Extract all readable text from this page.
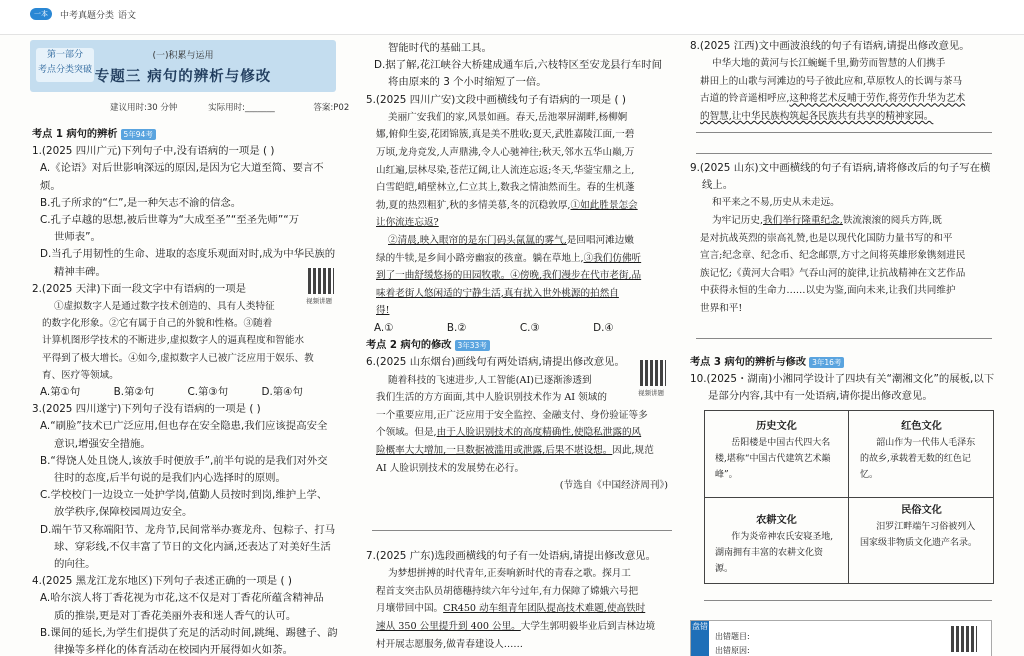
一本	中考真题分类 语文
第一部分
考点分类突破
(一)积累与运用
专题三 病句的辨析与修改
建议用时:30 分钟	实际用时:_______	答案:P02

考点 1 病句的辨析 5年94考

1.(2025 四川广元)下列句子中,没有语病的一项是 ( )

A.《论语》对后世影响深远的原因,是因为它大道至简、要言不烦。

B.孔子所求的“仁”,是一种矢志不渝的信念。

C.孔子卓越的思想,被后世尊为“大成至圣”“至圣先师”“万

世师表”。

D.当孔子用韧性的生命、进取的态度乐观面对时,成为中华民族的

精神丰碑。

2.(2025 天津)下面一段文字中有语病的一项是

①虚拟数字人是通过数字技术创造的、具有人类特征

的数字化形象。②它有属于自己的外貌和性格。③随着

计算机图形学技术的不断进步,虚拟数字人的逼真程度和智能水

平得到了极大增长。④如今,虚拟数字人已被广泛应用于娱乐、教

育、医疗等领域。

A.第①句	B.第②句	C.第③句	D.第④句

3.(2025 四川遂宁)下列句子没有语病的一项是 ( )

A.“刷脸”技术已广泛应用,但也存在安全隐患,我们应该提高安全

意识,增强安全措施。

B.“得饶人处且饶人,该放手时便放手”,前半句说的是我们对外交

往时的态度,后半句说的是我们内心选择时的原则。

C.学校校门一边设立一处护学岗,值勤人员按时到岗,维护上学、

放学秩序,保障校园周边安全。

D.端午节又称端阳节、龙舟节,民间常举办赛龙舟、包粽子、打马

球、穿彩线,不仅丰富了节日的文化内涵,还表达了对美好生活

的向往。

4.(2025 黑龙江龙东地区)下列句子表述正确的一项是 ( )

A.哈尔滨人将丁香花视为市花,这不仅是对丁香花所蕴含精神品

质的推崇,更是对丁香花美丽外表和迷人香气的认可。

B.课间的延长,为学生们提供了充足的活动时间,跳绳、踢毽子、韵

律操等多样化的体育活动在校园内开展得如火如荼。

视频讲题

智能时代的基础工具。

D.据了解,花江峡谷大桥建成通车后,六枝特区至安龙县行车时间

将由原来的 3 个小时缩短了一倍。

5.(2025 四川广安)文段中画横线句子有语病的一项是 ( )

美丽广安我们的家,风景如画。春天,岳池翠屏湖畔,杨柳婀

娜,俯仰生姿,花团锦簇,真是美不胜收;夏天,武胜嘉陵江面,一碧

万顷,龙舟竞发,人声鼎沸,令人心驰神往;秋天,邻水五华山巅,万

山红遍,层林尽染,苍茫辽阔,让人流连忘返;冬天,华蓥宝鼎之上,

白雪皑皑,峭壁林立,仁立其上,数我之情油然而生。春的生机蓬

勃,夏的热烈粗犷,秋的多情美慕,冬的沉稳敦厚,①如此胜景怎会

让你流连忘返?

②清晨,映入眼帘的是东门码头氤氲的雾气,是回唱河滩边嫩

绿的牛犊,是乡间小路旁幽寂的孩童。躺在草地上,③我们仿佛听

到了一曲舒缓悠扬的田园牧歌。④傍晚,我们漫步在代市老街,品

味着老街人悠闲适的宁静生活,真有扰入世外桃源的拍然自

得!

A.①	B.②	C.③	D.④

考点 2 病句的修改 3年33考

6.(2025 山东烟台)画线句有两处语病,请提出修改意见。

随着科技的飞速进步,人工智能(AI)已逐渐渗透到

我们生活的方方面面,其中人脸识别技术作为 AI 领域的

一个重要应用,正广泛应用于安全监控、金融支付、身份验证等多

个领域。但是,由于人脸识别技术的高度精确性,使隐私泄露的风

险概率大大增加,一旦数据被滥用或泄露,后果不堪设想。因此,规范

AI 人脸识别技术的发展势在必行。

(节选自《中国经济周刊》)

视频讲题

7.(2025 广东)选段画横线的句子有一处语病,请提出修改意见。

为梦想拼搏的时代青年,正奏响新时代的青春之歌。探月工

程首支突击队员胡德穗持续六年兮过年,有力保障了嫦娥六号把

月壤带回中国。CR450 动车组青年团队提高技术难题,使高铁时

速从 350 公里提升到 400 公里。大学生郭明毅毕业后到吉林边境

村开展志愿服务,做青春建设人……

8.(2025 江西)文中画波浪线的句子有语病,请提出修改意见。

中华大地的黄河与长江蜿蜒千里,勤劳而智慧的人们携手

耕田上的山歌与河滩边的号子彼此应和,草原牧人的长调与茶马

古道的铃音遥相呼应,这种将艺术反哺于劳作,将劳作升华为艺术

的智慧,让中华民族构筑起各民族共有共享的精神家园。

9.(2025 山东)文中画横线的句子有语病,请将修改后的句子写在横

线上。

和平来之不易,历史从未走远。

为牢记历史,我们举行隆重纪念,铁流滚滚的阅兵方阵,既

是对抗战英烈的崇高礼赞,也是以现代化国防力量书写的和平

宣言;纪念章、纪念币、纪念邮票,方寸之间将英雄形象镌刻进民

族记忆;《黄河大合唱》气吞山河的旋律,让抗战精神在文艺作品

中获得永恒的生命力……以史为鉴,面向未来,让我们共同维护

世界和平!

考点 3 病句的辨析与修改 3年16考

10.(2025・湖南)小湘同学设计了四块有关“潮湘文化”的展板,以下

是部分内容,其中有一处语病,请你提出修改意见。

历史文化
岳阳楼是中国古代四大名楼,堪称“中国古代建筑艺术巅峰”。
红色文化
韶山作为一代伟人毛泽东的故乡,承载着无数的红色记忆。
农耕文化
作为炎帝神农氏安寝圣地,湖南拥有丰富的农耕文化资源。
民俗文化
汨罗江畔端午习俗被列入国家级非物质文化遗产名录。
盘错
出错题目:
出错原因:
